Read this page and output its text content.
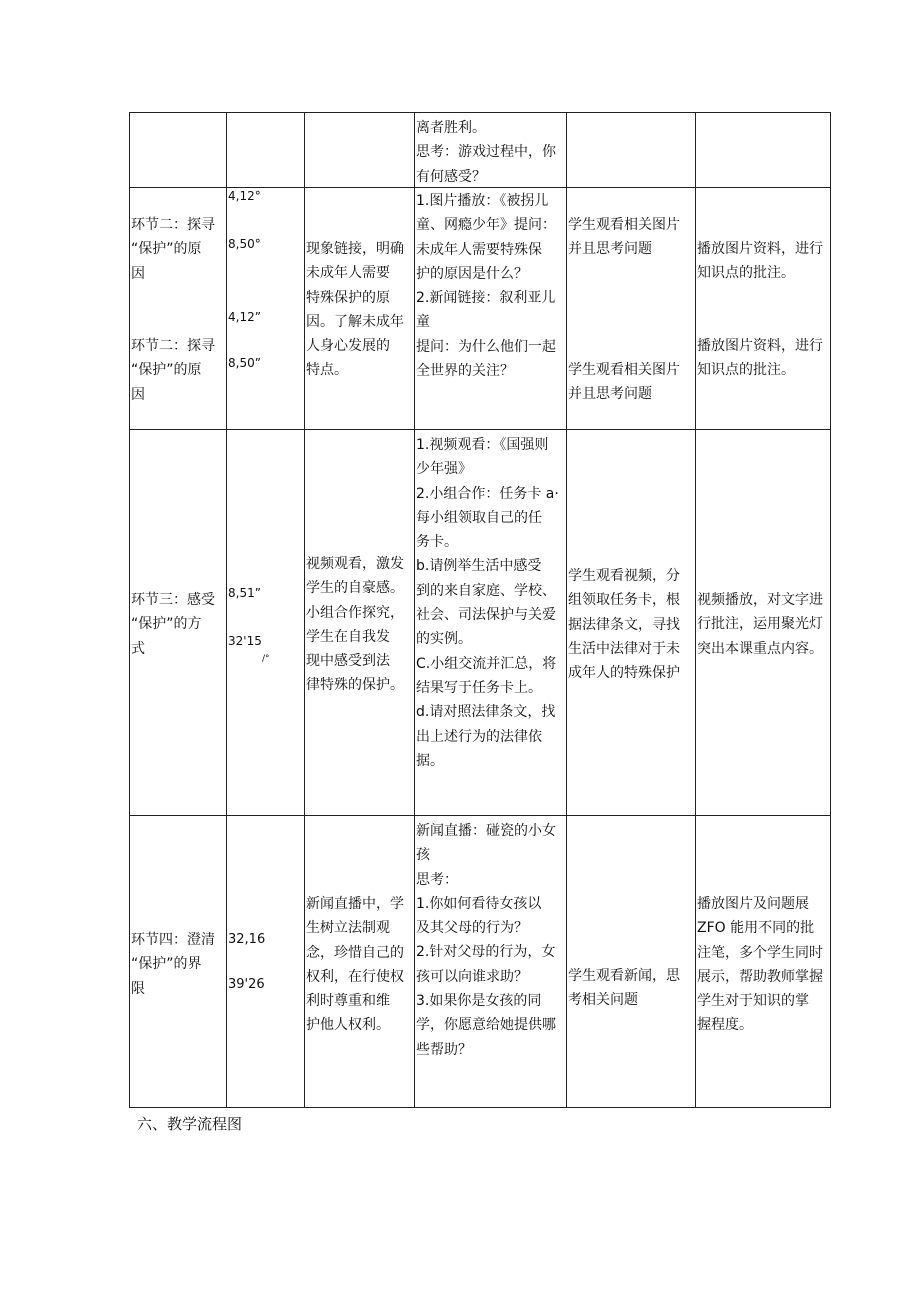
离者胜利。

思考：游戏过程中，你

有何感受？

环节二：探寻

“保护”的原

因

环节二：探寻

“保护”的原

因

4,12°
8,50°
4,12”
8,50”

现象链接，明确

未成年人需要

特殊保护的原

因。了解未成年

人身心发展的

特点。

1.图片播放：《被拐儿

童、网瘾少年》提问：

未成年人需要特殊保

护的原因是什么？

2.新闻链接：叙利亚儿

童

提问：为什么他们一起

全世界的关注？

学生观看相关图片

并且思考问题

学生观看相关图片

并且思考问题

播放图片资料，进行

知识点的批注。

播放图片资料，进行

知识点的批注。

环节三：感受

“保护”的方

式

8,51”
32'15
/°

视频观看，激发

学生的自豪感。

小组合作探究，

学生在自我发

现中感受到法

律特殊的保护。

1.视频观看：《国强则

少年强》

2.小组合作：任务卡 a·

每小组领取自己的任

务卡。

b.请例举生活中感受

到的来自家庭、学校、

社会、司法保护与关爱

的实例。

C.小组交流并汇总，将

结果写于任务卡上。

d.请对照法律条文，找

出上述行为的法律依

据。

学生观看视频，分

组领取任务卡，根

据法律条文，寻找

生活中法律对于未

成年人的特殊保护

视频播放，对文字进

行批注，运用聚光灯

突出本课重点内容。

环节四：澄清

“保护”的界

限

32,16
39'26

新闻直播中，学

生树立法制观

念，珍惜自己的

权利，在行使权

利时尊重和维

护他人权利。

新闻直播：碰瓷的小女

孩

思考：

1.你如何看待女孩以

及其父母的行为？

2.针对父母的行为，女

孩可以向谁求助？

3.如果你是女孩的同

学，你愿意给她提供哪

些帮助？

学生观看新闻，思

考相关问题

播放图片及问题展

ZFO 能用不同的批

注笔，多个学生同时

展示，帮助教师掌握

学生对于知识的掌

握程度。

六、教学流程图
